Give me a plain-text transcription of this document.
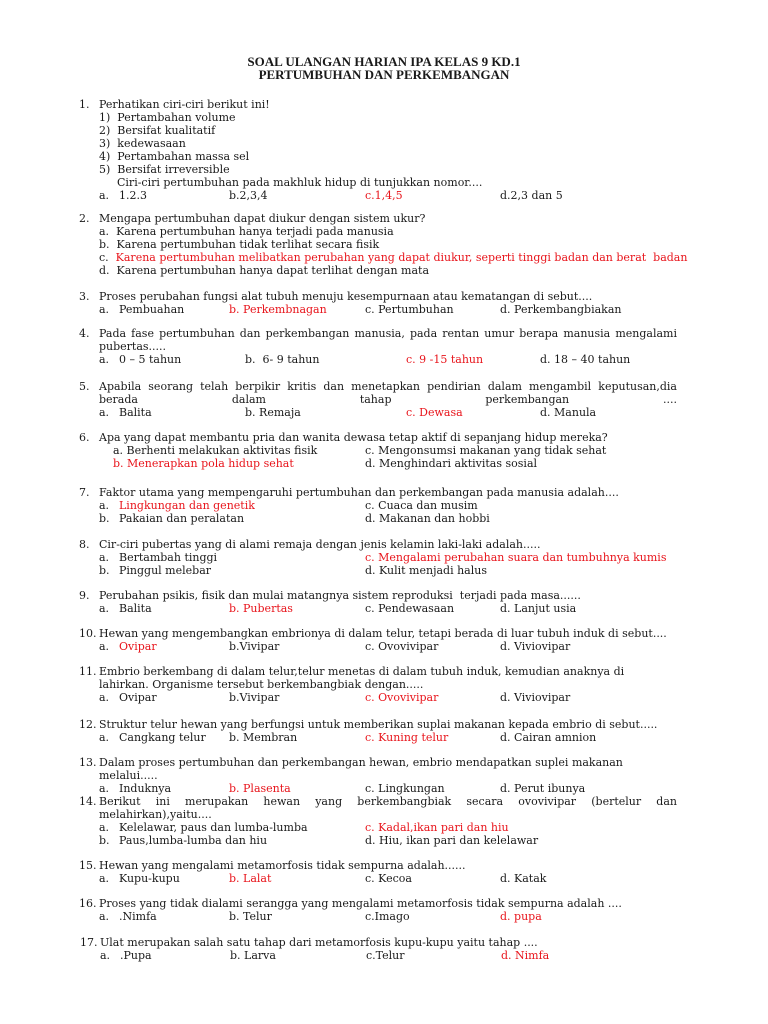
SOAL ULANGAN HARIAN IPA KELAS 9 KD.1
PERTUMBUHAN DAN PERKEMBANGAN
1. Perhatikan ciri-ciri berikut ini!
1)  Pertambahan volume
2)  Bersifat kualitatif
3)  kedewasaan
4)  Pertambahan massa sel
5)  Bersifat irreversible
Ciri-ciri pertumbuhan pada makhluk hidup di tunjukkan nomor....
a. 1.2.3	b.2,3,4	c.1,4,5	d.2,3 dan 5
2. Mengapa pertumbuhan dapat diukur dengan sistem ukur?
a.  Karena pertumbuhan hanya terjadi pada manusia
b.  Karena pertumbuhan tidak terlihat secara fisik
c.  Karena pertumbuhan melibatkan perubahan yang dapat diukur, seperti tinggi badan dan berat  badan
d.  Karena pertumbuhan hanya dapat terlihat dengan mata
3. Proses perubahan fungsi alat tubuh menuju kesempurnaan atau kematangan di sebut....
a. Pembuahan	b. Perkembnagan	c. Pertumbuhan	d. Perkembangbiakan
4. Pada fase pertumbuhan dan perkembangan manusia, pada rentan umur berapa manusia mengalami pubertas.....
a. 0 – 5 tahun	b.  6- 9 tahun	c. 9 -15 tahun	d. 18 – 40 tahun
5. Apabila seorang telah berpikir kritis dan menetapkan pendirian dalam mengambil keputusan,dia berada dalam tahap perkembangan ....
a. Balita	b. Remaja	c. Dewasa	d. Manula
6. Apa yang dapat membantu pria dan wanita dewasa tetap aktif di sepanjang hidup mereka?
a. Berhenti melakukan aktivitas fisik	c. Mengonsumsi makanan yang tidak sehat
b. Menerapkan pola hidup sehat	d. Menghindari aktivitas sosial
7. Faktor utama yang mempengaruhi pertumbuhan dan perkembangan pada manusia adalah....
a. Lingkungan dan genetik	c. Cuaca dan musim
b. Pakaian dan peralatan	d. Makanan dan hobbi
8. Cir-ciri pubertas yang di alami remaja dengan jenis kelamin laki-laki adalah.....
a. Bertambah tinggi	c. Mengalami perubahan suara dan tumbuhnya kumis
b. Pinggul melebar	d. Kulit menjadi halus
9. Perubahan psikis, fisik dan mulai matangnya sistem reproduksi  terjadi pada masa......
a. Balita	b. Pubertas	c. Pendewasaan	d. Lanjut usia
10. Hewan yang mengembangkan embrionya di dalam telur, tetapi berada di luar tubuh induk di sebut....
a. Ovipar	b.Vivipar	c. Ovovivipar	d. Viviovipar
11. Embrio berkembang di dalam telur,telur menetas di dalam tubuh induk, kemudian anaknya di lahirkan. Organisme tersebut berkembangbiak dengan.....
a. Ovipar	b.Vivipar	c. Ovovivipar	d. Viviovipar
12. Struktur telur hewan yang berfungsi untuk memberikan suplai makanan kepada embrio di sebut.....
a. Cangkang telur b. Membran	c. Kuning telur	d. Cairan amnion
13. Dalam proses pertumbuhan dan perkembangan hewan, embrio mendapatkan suplei makanan melalui.....
a. Induknya	b. Plasenta	c. Lingkungan	d. Perut ibunya
14. Berikut ini merupakan hewan yang berkembangbiak secara ovovivipar (bertelur dan melahirkan),yaitu....
a. Kelelawar, paus dan lumba-lumba	c. Kadal,ikan pari dan hiu
b. Paus,lumba-lumba dan hiu	d. Hiu, ikan pari dan kelelawar
15. Hewan yang mengalami metamorfosis tidak sempurna adalah......
a. Kupu-kupu	b. Lalat	c. Kecoa	d. Katak
16. Proses yang tidak dialami serangga yang mengalami metamorfosis tidak sempurna adalah ....
a. .Nimfa	b. Telur	c.Imago	d. pupa
17. Ulat merupakan salah satu tahap dari metamorfosis kupu-kupu yaitu tahap ....
a. .Pupa	b. Larva	c.Telur	d. Nimfa
